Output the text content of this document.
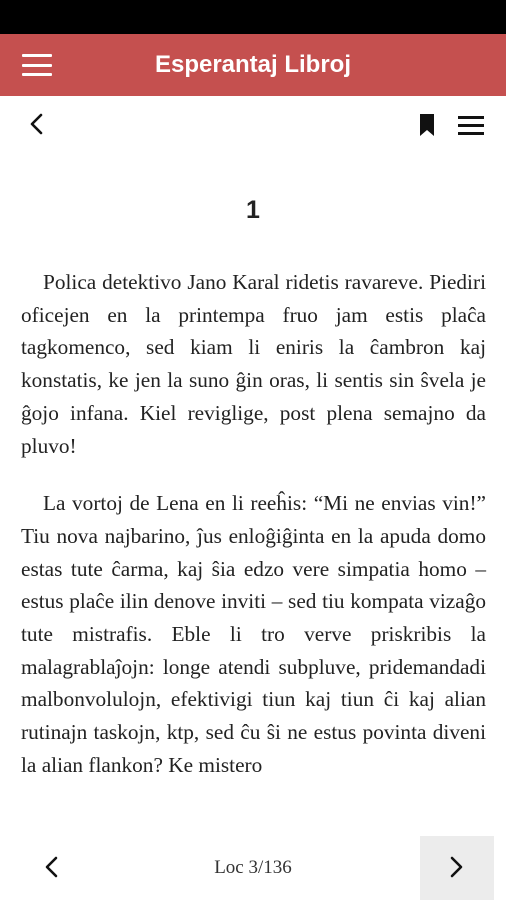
Esperantaj Libroj
1

Polica detektivo Jano Karal ridetis ravareve. Piediri oficejen en la printempa fruo jam estis plaĉa tagkomenco, sed kiam li eniris la ĉambron kaj konstatis, ke jen la suno ĝin oras, li sentis sin ŝvela je ĝojo infana. Kiel reviglige, post plena semajno da pluvo!

La vortoj de Lena en li reeĥis: “Mi ne envias vin!” Tiu nova najbarino, ĵus enloĝiĝinta en la apuda domo estas tute ĉarma, kaj ŝia edzo vere simpatia homo – estus plaĉe ilin denove inviti – sed tiu kompata vizaĝo tute mistrafis. Eble li tro verve priskribis la malagrablaĵojn: longe atendi subpluve, pridemandadi malbonvolulojn, efektivigi tiun kaj tiun ĉi kaj alian rutinajn taskojn, ktp, sed ĉu ŝi ne estus povinta diveni la alian flankon? Ke mistero

Loc 3/136
